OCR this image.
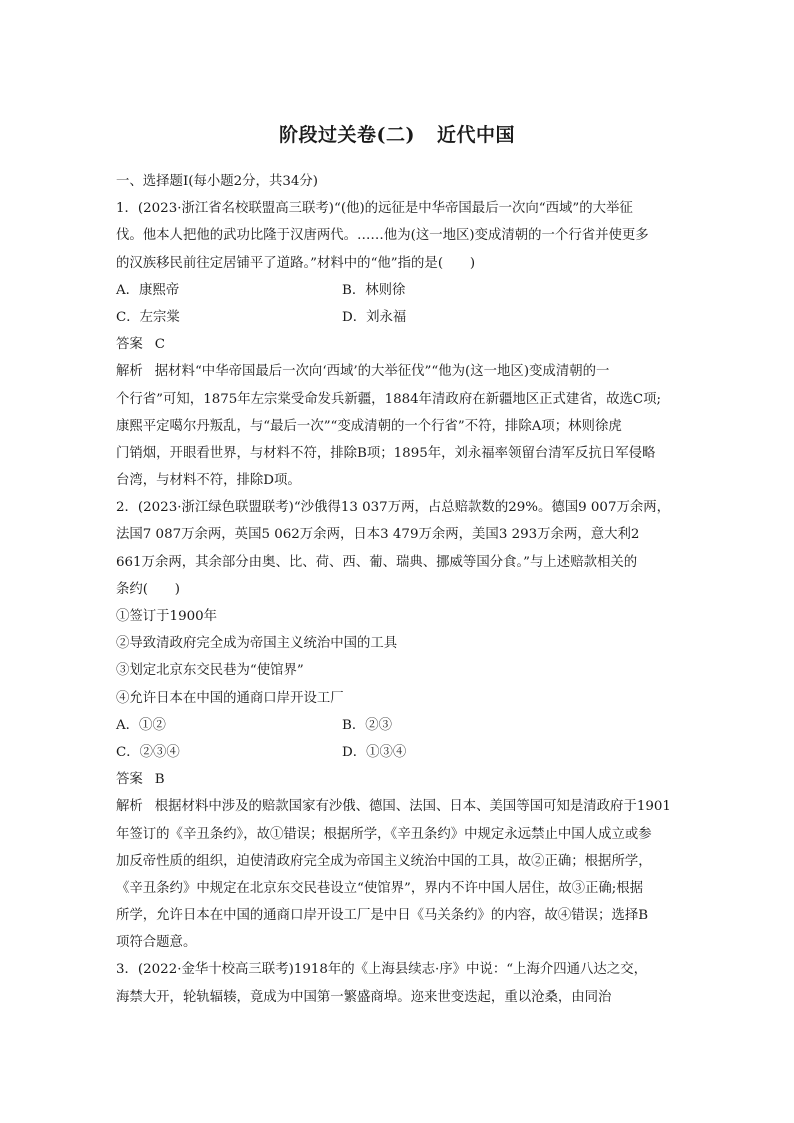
阶段过关卷(二) 近代中国
一、选择题Ⅰ(每小题2分，共34分)
1．(2023·浙江省名校联盟高三联考)“(他)的远征是中华帝国最后一次向“西域”的大举征
伐。他本人把他的武功比隆于汉唐两代。……他为(这一地区)变成清朝的一个行省并使更多
的汉族移民前往定居铺平了道路。”材料中的“他”指的是(　　)
A．康熙帝	B．林则徐
C．左宗棠	D．刘永福
答案 C
解析 据材料“中华帝国最后一次向‘西域’的大举征伐”“他为(这一地区)变成清朝的一
个行省”可知，1875年左宗棠受命发兵新疆，1884年清政府在新疆地区正式建省，故选C项;
康熙平定噶尔丹叛乱，与“最后一次”“变成清朝的一个行省”不符，排除A项；林则徐虎
门销烟，开眼看世界，与材料不符，排除B项；1895年，刘永福率领留台清军反抗日军侵略
台湾，与材料不符，排除D项。
2．(2023·浙江绿色联盟联考)“沙俄得13 037万两，占总赔款数的29%。德国9 007万余两，
法国7 087万余两，英国5 062万余两，日本3 479万余两，美国3 293万余两，意大利2
661万余两，其余部分由奥、比、荷、西、葡、瑞典、挪威等国分食。”与上述赔款相关的
条约(　　)
①签订于1900年
②导致清政府完全成为帝国主义统治中国的工具
③划定北京东交民巷为“使馆界”
④允许日本在中国的通商口岸开设工厂
A．①②	B．②③
C．②③④	D．①③④
答案 B
解析 根据材料中涉及的赔款国家有沙俄、德国、法国、日本、美国等国可知是清政府于1901
年签订的《辛丑条约》，故①错误；根据所学，《辛丑条约》中规定永远禁止中国人成立或参
加反帝性质的组织，迫使清政府完全成为帝国主义统治中国的工具，故②正确；根据所学，
《辛丑条约》中规定在北京东交民巷设立“使馆界”，界内不许中国人居住，故③正确;根据
所学，允许日本在中国的通商口岸开设工厂是中日《马关条约》的内容，故④错误；选择B
项符合题意。
3．(2022·金华十校高三联考)1918年的《上海县续志·序》中说：“上海介四通八达之交，
海禁大开，轮轨辐辏，竟成为中国第一繁盛商埠。迩来世变迭起，重以沧桑，由同治
